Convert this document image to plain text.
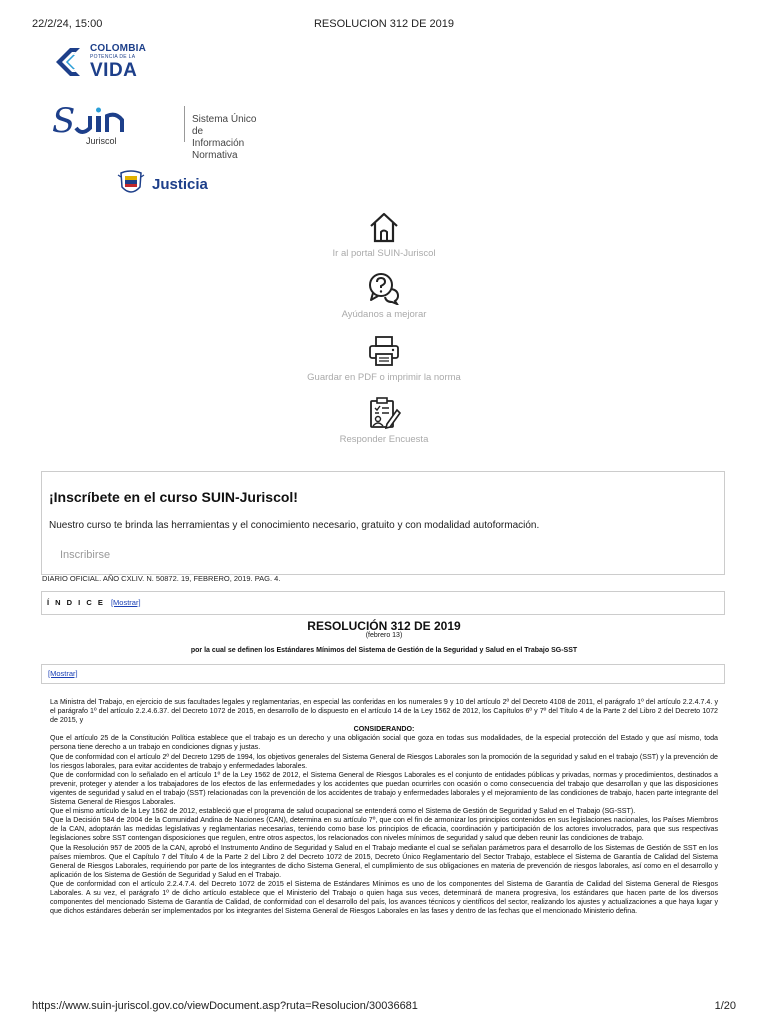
22/2/24, 15:00	RESOLUCION 312 DE 2019
COLOMBIA
POTENCIA DE LA
VIDA
S Juriscol
Sistema Único de
Información Normativa
Justicia
Ir al portal SUIN-Juriscol
Ayúdanos a mejorar
Guardar en PDF o imprimir la norma
Responder Encuesta
¡Inscríbete en el curso SUIN-Juriscol!

Nuestro curso te brinda las herramientas y el conocimiento necesario, gratuito y con modalidad autoformación.

Inscribirse
DIARIO OFICIAL. AÑO CXLIV. N. 50872. 19, FEBRERO, 2019. PAG. 4.
Í N D I C E [Mostrar]
RESOLUCIÓN 312 DE 2019
(febrero 13)
por la cual se definen los Estándares Mínimos del Sistema de Gestión de la Seguridad y Salud en el Trabajo SG-SST
[Mostrar]

La Ministra del Trabajo, en ejercicio de sus facultades legales y reglamentarias, en especial las conferidas en los numerales 9 y 10 del artículo 2º del Decreto 4108 de 2011, el parágrafo 1º del artículo 2.2.4.7.4. y el parágrafo 1º del artículo 2.2.4.6.37. del Decreto 1072 de 2015, en desarrollo de lo dispuesto en el artículo 14 de la Ley 1562 de 2012, los Capítulos 6º y 7º del Título 4 de la Parte 2 del Libro 2 del Decreto 1072 de 2015, y

CONSIDERANDO:

Que el artículo 25 de la Constitución Política establece que el trabajo es un derecho y una obligación social que goza en todas sus modalidades, de la especial protección del Estado y que así mismo, toda persona tiene derecho a un trabajo en condiciones dignas y justas.

Que de conformidad con el artículo 2º del Decreto 1295 de 1994, los objetivos generales del Sistema General de Riesgos Laborales son la promoción de la seguridad y salud en el trabajo (SST) y la prevención de los riesgos laborales, para evitar accidentes de trabajo y enfermedades laborales.

Que de conformidad con lo señalado en el artículo 1º de la Ley 1562 de 2012, el Sistema General de Riesgos Laborales es el conjunto de entidades públicas y privadas, normas y procedimientos, destinados a prevenir, proteger y atender a los trabajadores de los efectos de las enfermedades y los accidentes que puedan ocurrirles con ocasión o como consecuencia del trabajo que desarrollan y que las disposiciones vigentes de seguridad y salud en el trabajo (SST) relacionadas con la prevención de los accidentes de trabajo y enfermedades laborales y el mejoramiento de las condiciones de trabajo, hacen parte integrante del Sistema General de Riesgos Laborales.

Que el mismo artículo de la Ley 1562 de 2012, estableció que el programa de salud ocupacional se entenderá como el Sistema de Gestión de Seguridad y Salud en el Trabajo (SG-SST).

Que la Decisión 584 de 2004 de la Comunidad Andina de Naciones (CAN), determina en su artículo 7º, que con el fin de armonizar los principios contenidos en sus legislaciones nacionales, los Países Miembros de la CAN, adoptarán las medidas legislativas y reglamentarias necesarias, teniendo como base los principios de eficacia, coordinación y participación de los actores involucrados, para que sus respectivas legislaciones sobre SST contengan disposiciones que regulen, entre otros aspectos, los relacionados con niveles mínimos de seguridad y salud que deben reunir las condiciones de trabajo.

Que la Resolución 957 de 2005 de la CAN, aprobó el Instrumento Andino de Seguridad y Salud en el Trabajo mediante el cual se señalan parámetros para el desarrollo de los Sistemas de Gestión de SST en los países miembros. Que el Capítulo 7 del Título 4 de la Parte 2 del Libro 2 del Decreto 1072 de 2015, Decreto Único Reglamentario del Sector Trabajo, establece el Sistema de Garantía de Calidad del Sistema General de Riesgos Laborales, requiriendo por parte de los integrantes de dicho Sistema General, el cumplimiento de sus obligaciones en materia de prevención de riesgos laborales, así como en el desarrollo y aplicación de los Sistema de Gestión de Seguridad y Salud en el Trabajo.

Que de conformidad con el artículo 2.2.4.7.4. del Decreto 1072 de 2015 el Sistema de Estándares Mínimos es uno de los componentes del Sistema de Garantía de Calidad del Sistema General de Riesgos Laborales. A su vez, el parágrafo 1º de dicho artículo establece que el Ministerio del Trabajo o quien haga sus veces, determinará de manera progresiva, los estándares que hacen parte de los diversos componentes del mencionado Sistema de Garantía de Calidad, de conformidad con el desarrollo del país, los avances técnicos y científicos del sector, realizando los ajustes y actualizaciones a que haya lugar y que dichos estándares deberán ser implementados por los integrantes del Sistema General de Riesgos Laborales en las fases y dentro de las fechas que el mencionado Ministerio defina.

https://www.suin-juriscol.gov.co/viewDocument.asp?ruta=Resolucion/30036681	1/20
